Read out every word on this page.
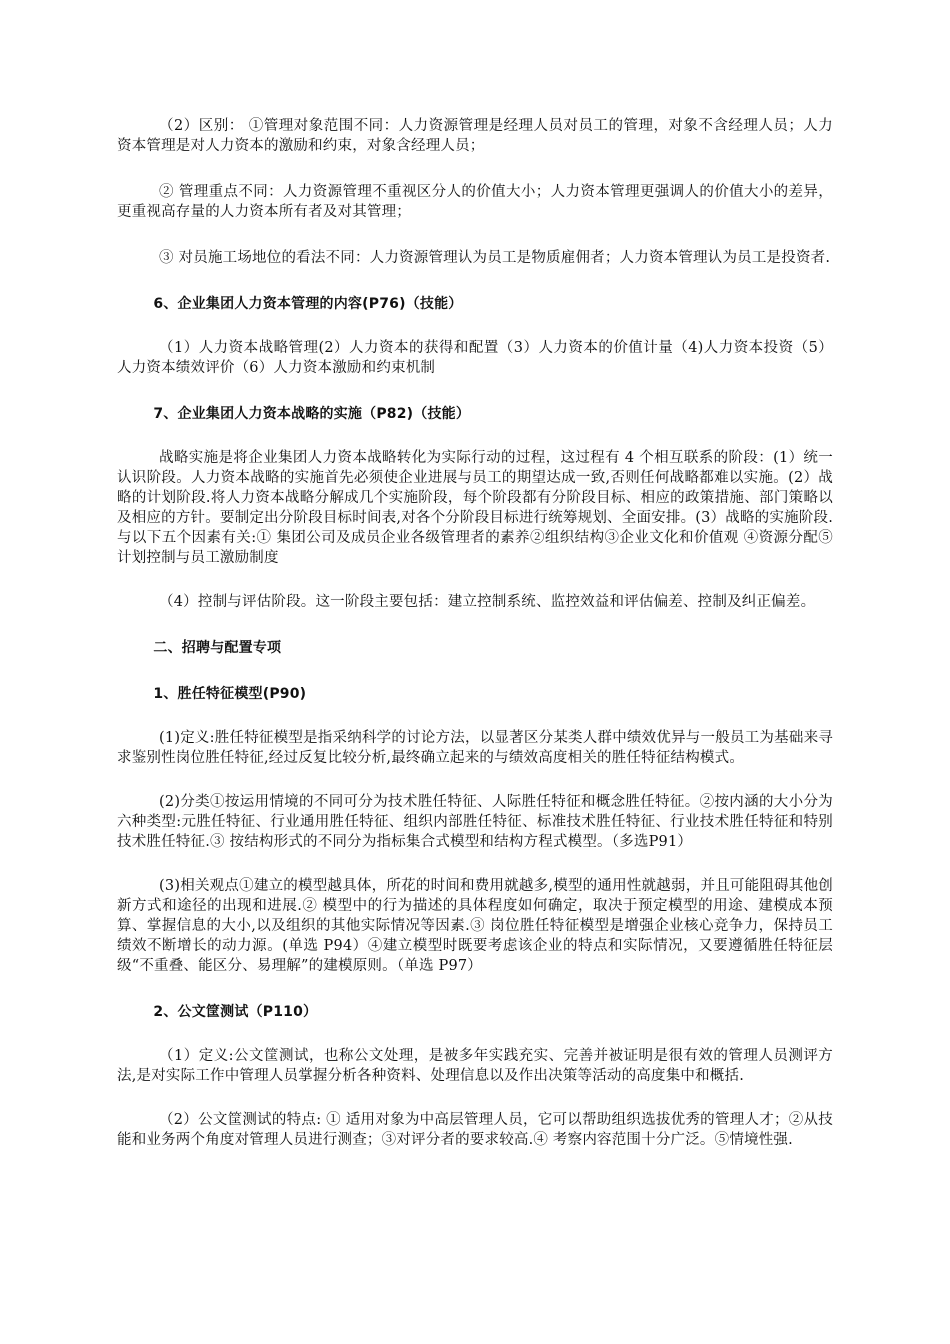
（2）区别： ①管理对象范围不同：人力资源管理是经理人员对员工的管理，对象不含经理人员；人力资本管理是对人力资本的激励和约束，对象含经理人员；

② 管理重点不同：人力资源管理不重视区分人的价值大小；人力资本管理更强调人的价值大小的差异，更重视高存量的人力资本所有者及对其管理；

③ 对员施工场地位的看法不同：人力资源管理认为员工是物质雇佣者；人力资本管理认为员工是投资者.

6、企业集团人力资本管理的内容(P76)（技能）

（1）人力资本战略管理(2）人力资本的获得和配置（3）人力资本的价值计量（4)人力资本投资（5）人力资本绩效评价（6）人力资本激励和约束机制

7、企业集团人力资本战略的实施（P82)（技能）

战略实施是将企业集团人力资本战略转化为实际行动的过程，这过程有 4 个相互联系的阶段：(1）统一认识阶段。人力资本战略的实施首先必须使企业进展与员工的期望达成一致,否则任何战略都难以实施。(2）战略的计划阶段.将人力资本战略分解成几个实施阶段，每个阶段都有分阶段目标、相应的政策措施、部门策略以及相应的方针。要制定出分阶段目标时间表,对各个分阶段目标进行统筹规划、全面安排。(3）战略的实施阶段.与以下五个因素有关:① 集团公司及成员企业各级管理者的素养②组织结构③企业文化和价值观 ④资源分配⑤计划控制与员工激励制度

（4）控制与评估阶段。这一阶段主要包括：建立控制系统、监控效益和评估偏差、控制及纠正偏差。

二、招聘与配置专项

1、胜任特征模型(P90)

(1)定义:胜任特征模型是指采纳科学的讨论方法，以显著区分某类人群中绩效优异与一般员工为基础来寻求鉴别性岗位胜任特征,经过反复比较分析,最终确立起来的与绩效高度相关的胜任特征结构模式。

(2)分类①按运用情境的不同可分为技术胜任特征、人际胜任特征和概念胜任特征。②按内涵的大小分为六种类型:元胜任特征、行业通用胜任特征、组织内部胜任特征、标准技术胜任特征、行业技术胜任特征和特别技术胜任特征.③ 按结构形式的不同分为指标集合式模型和结构方程式模型。（多选P91）

(3)相关观点①建立的模型越具体，所花的时间和费用就越多,模型的通用性就越弱，并且可能阻碍其他创新方式和途径的出现和进展.② 模型中的行为描述的具体程度如何确定，取决于预定模型的用途、建模成本预算、掌握信息的大小,以及组织的其他实际情况等因素.③ 岗位胜任特征模型是增强企业核心竞争力，保持员工绩效不断增长的动力源。(单选 P94）④建立模型时既要考虑该企业的特点和实际情况，又要遵循胜任特征层级“不重叠、能区分、易理解”的建模原则。（单选 P97）

2、公文筐测试（P110）

（1）定义:公文筐测试，也称公文处理，是被多年实践充实、完善并被证明是很有效的管理人员测评方法,是对实际工作中管理人员掌握分析各种资料、处理信息以及作出决策等活动的高度集中和概括.

（2）公文筐测试的特点: ① 适用对象为中高层管理人员，它可以帮助组织选拔优秀的管理人才；②从技能和业务两个角度对管理人员进行测查；③对评分者的要求较高.④ 考察内容范围十分广泛。⑤情境性强.
